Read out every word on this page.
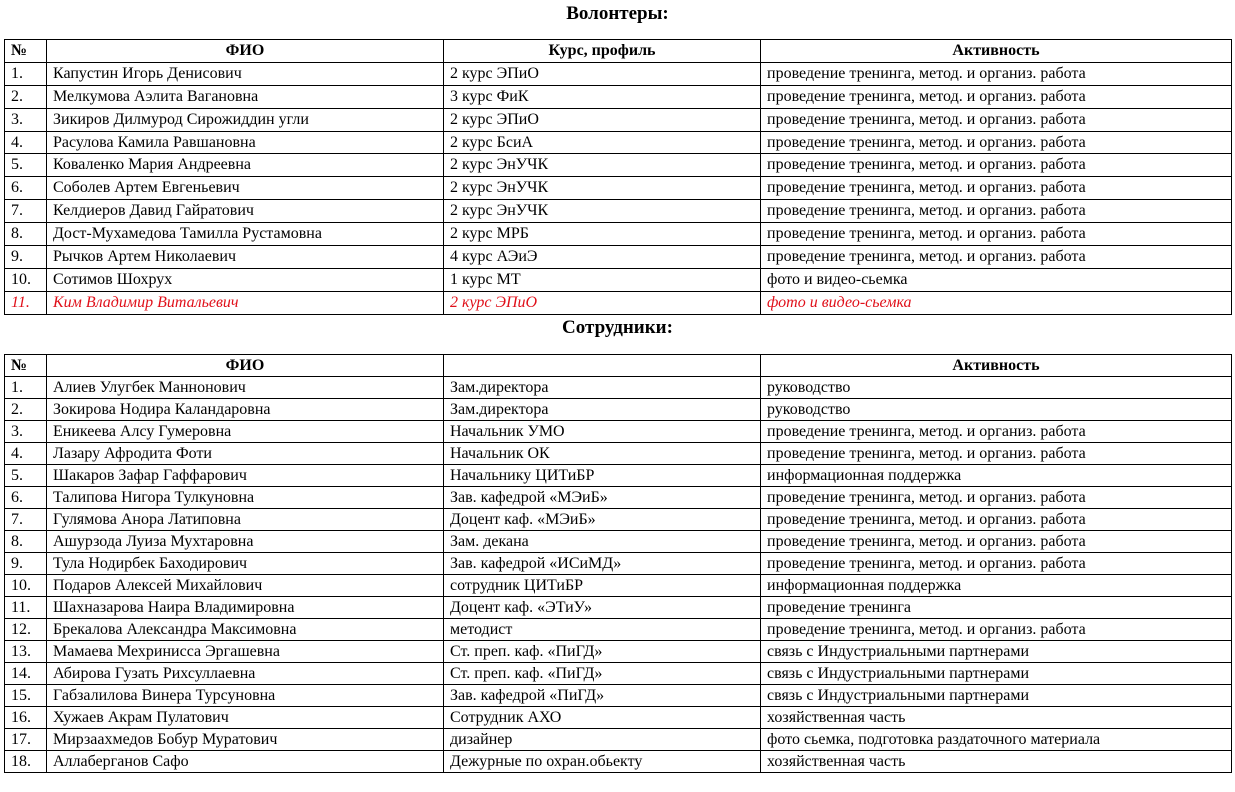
Волонтеры:
№	ФИО	Курс, профиль	Активность
1.	Капустин Игорь Денисович	2 курс ЭПиО	проведение тренинга, метод. и организ. работа
2.	Мелкумова Аэлита Вагановна	3 курс ФиК	проведение тренинга, метод. и организ. работа
3.	Зикиров Дилмурод Сирожиддин угли	2 курс ЭПиО	проведение тренинга, метод. и организ. работа
4.	Расулова Камила Равшановна	2 курс БсиА	проведение тренинга, метод. и организ. работа
5.	Коваленко Мария Андреевна	2 курс ЭнУЧК	проведение тренинга, метод. и организ. работа
6.	Соболев Артем Евгеньевич	2 курс ЭнУЧК	проведение тренинга, метод. и организ. работа
7.	Келдиеров Давид Гайратович	2 курс ЭнУЧК	проведение тренинга, метод. и организ. работа
8.	Дост-Мухамедова Тамилла Рустамовна	2 курс МРБ	проведение тренинга, метод. и организ. работа
9.	Рычков Артем Николаевич	4 курс АЭиЭ	проведение тренинга, метод. и организ. работа
10.	Сотимов Шохрух	1 курс МТ	фото и видео-сьемка
11.	Ким Владимир Витальевич	2 курс ЭПиО	фото и видео-сьемка
Сотрудники:
№	ФИО		Активность
1.	Алиев Улугбек Маннонович	Зам.директора	руководство
2.	Зокирова Нодира Каландаровна	Зам.директора	руководство
3.	Еникеева Алсу Гумеровна	Начальник УМО	проведение тренинга, метод. и организ. работа
4.	Лазару Афродита Фоти	Начальник ОК	проведение тренинга, метод. и организ. работа
5.	Шакаров Зафар Гаффарович	Начальнику ЦИТиБР	информационная поддержка
6.	Талипова Нигора Тулкуновна	Зав. кафедрой «МЭиБ»	проведение тренинга, метод. и организ. работа
7.	Гулямова Анора Латиповна	Доцент каф. «МЭиБ»	проведение тренинга, метод. и организ. работа
8.	Ашурзода Луиза Мухтаровна	Зам. декана	проведение тренинга, метод. и организ. работа
9.	Тула Нодирбек Баходирович	Зав. кафедрой «ИСиМД»	проведение тренинга, метод. и организ. работа
10.	Подаров Алексей Михайлович	сотрудник ЦИТиБР	информационная поддержка
11.	Шахназарова Наира Владимировна	Доцент каф. «ЭТиУ»	проведение тренинга
12.	Брекалова Александра Максимовна	методист	проведение тренинга, метод. и организ. работа
13.	Мамаева Мехринисса Эргашевна	Ст. преп. каф. «ПиГД»	связь с Индустриальными партнерами
14.	Абирова Гузать Рихсуллаевна	Ст. преп. каф. «ПиГД»	связь с Индустриальными партнерами
15.	Габзалилова Винера Турсуновна	Зав. кафедрой «ПиГД»	связь с Индустриальными партнерами
16.	Хужаев Акрам Пулатович	Сотрудник АХО	хозяйственная часть
17.	Мирзаахмедов Бобур Муратович	дизайнер	фото сьемка, подготовка раздаточного материала
18.	Аллаберганов Сафо	Дежурные по охран.обьекту	хозяйственная часть
